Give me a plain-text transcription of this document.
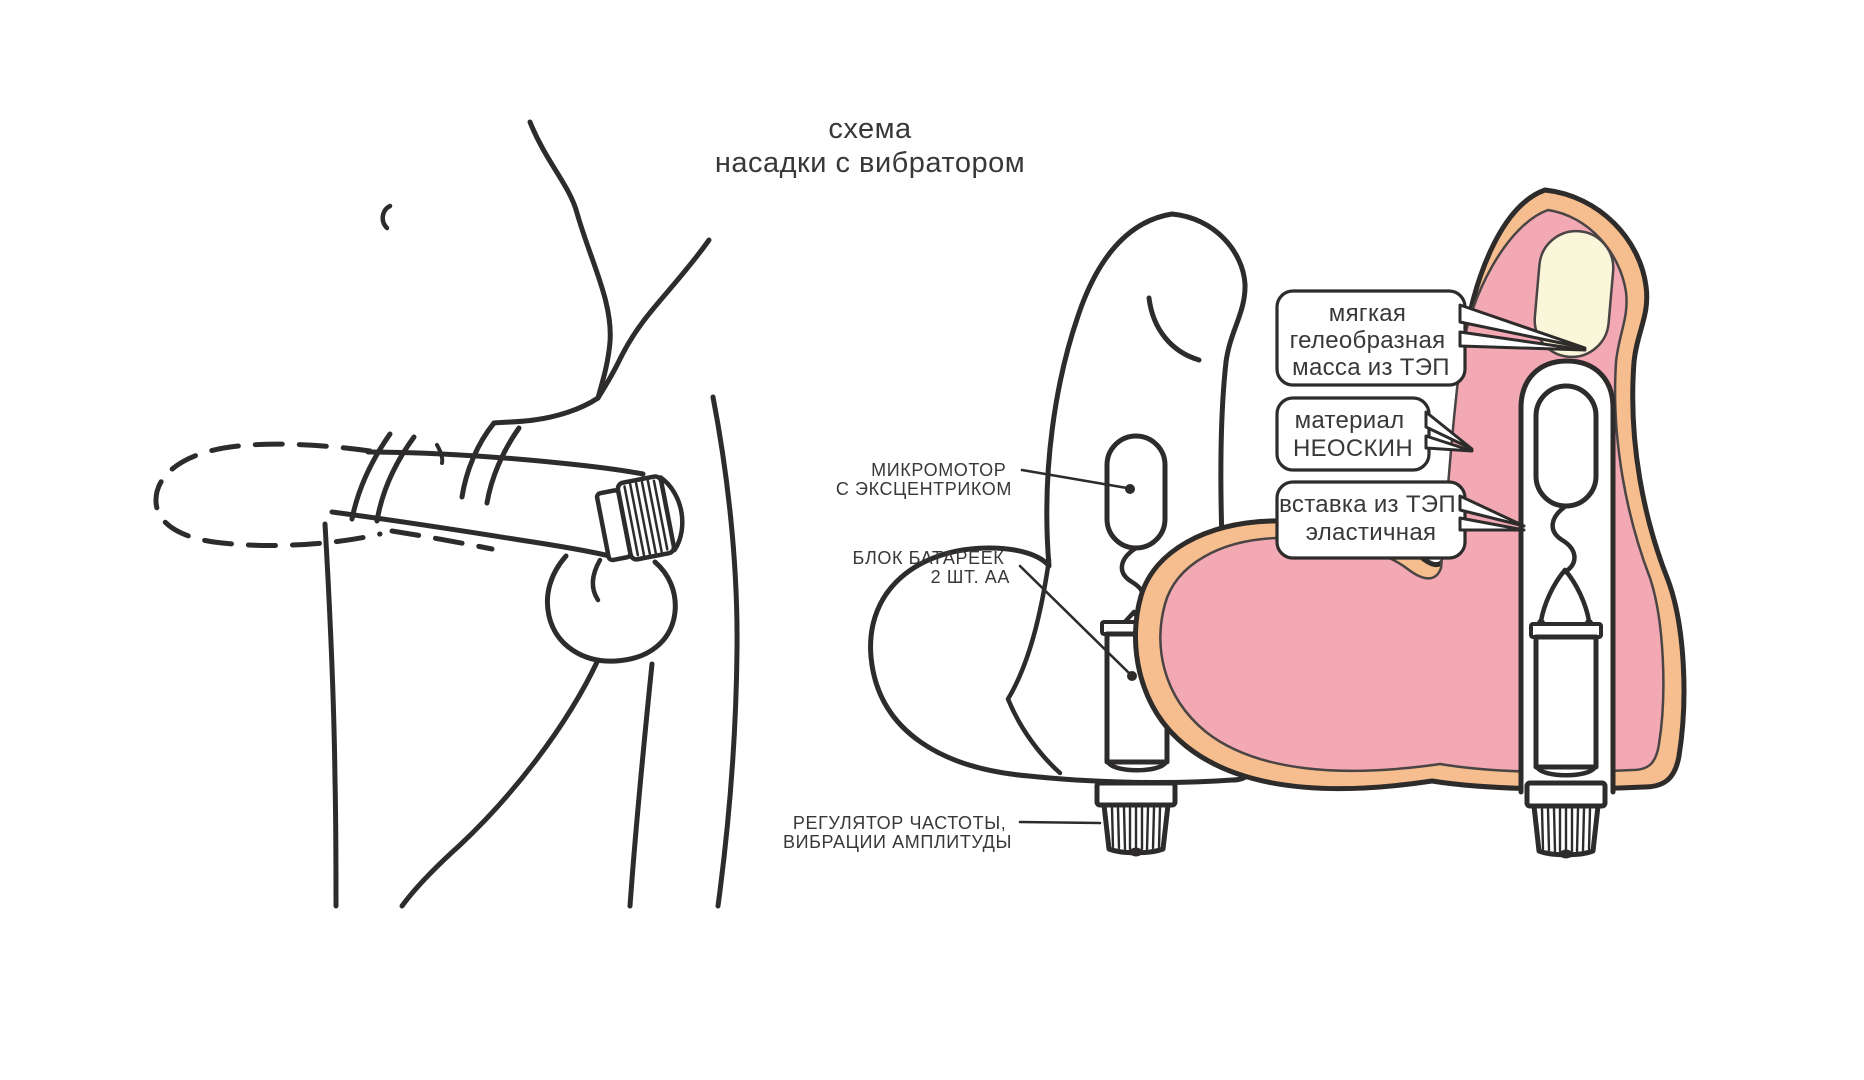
МИКРОМОТОР С ЭКСЦЕНТРИКОМ
БЛОК БАТАРЕЕК 2 ШТ. АА
РЕГУЛЯТОР ЧАСТОТЫ, ВИБРАЦИИ АМПЛИТУДЫ
мягкая гелеобразная масса из ТЭП
материал НЕОСКИН
вставка из ТЭП эластичная
схема
насадки с вибратором
